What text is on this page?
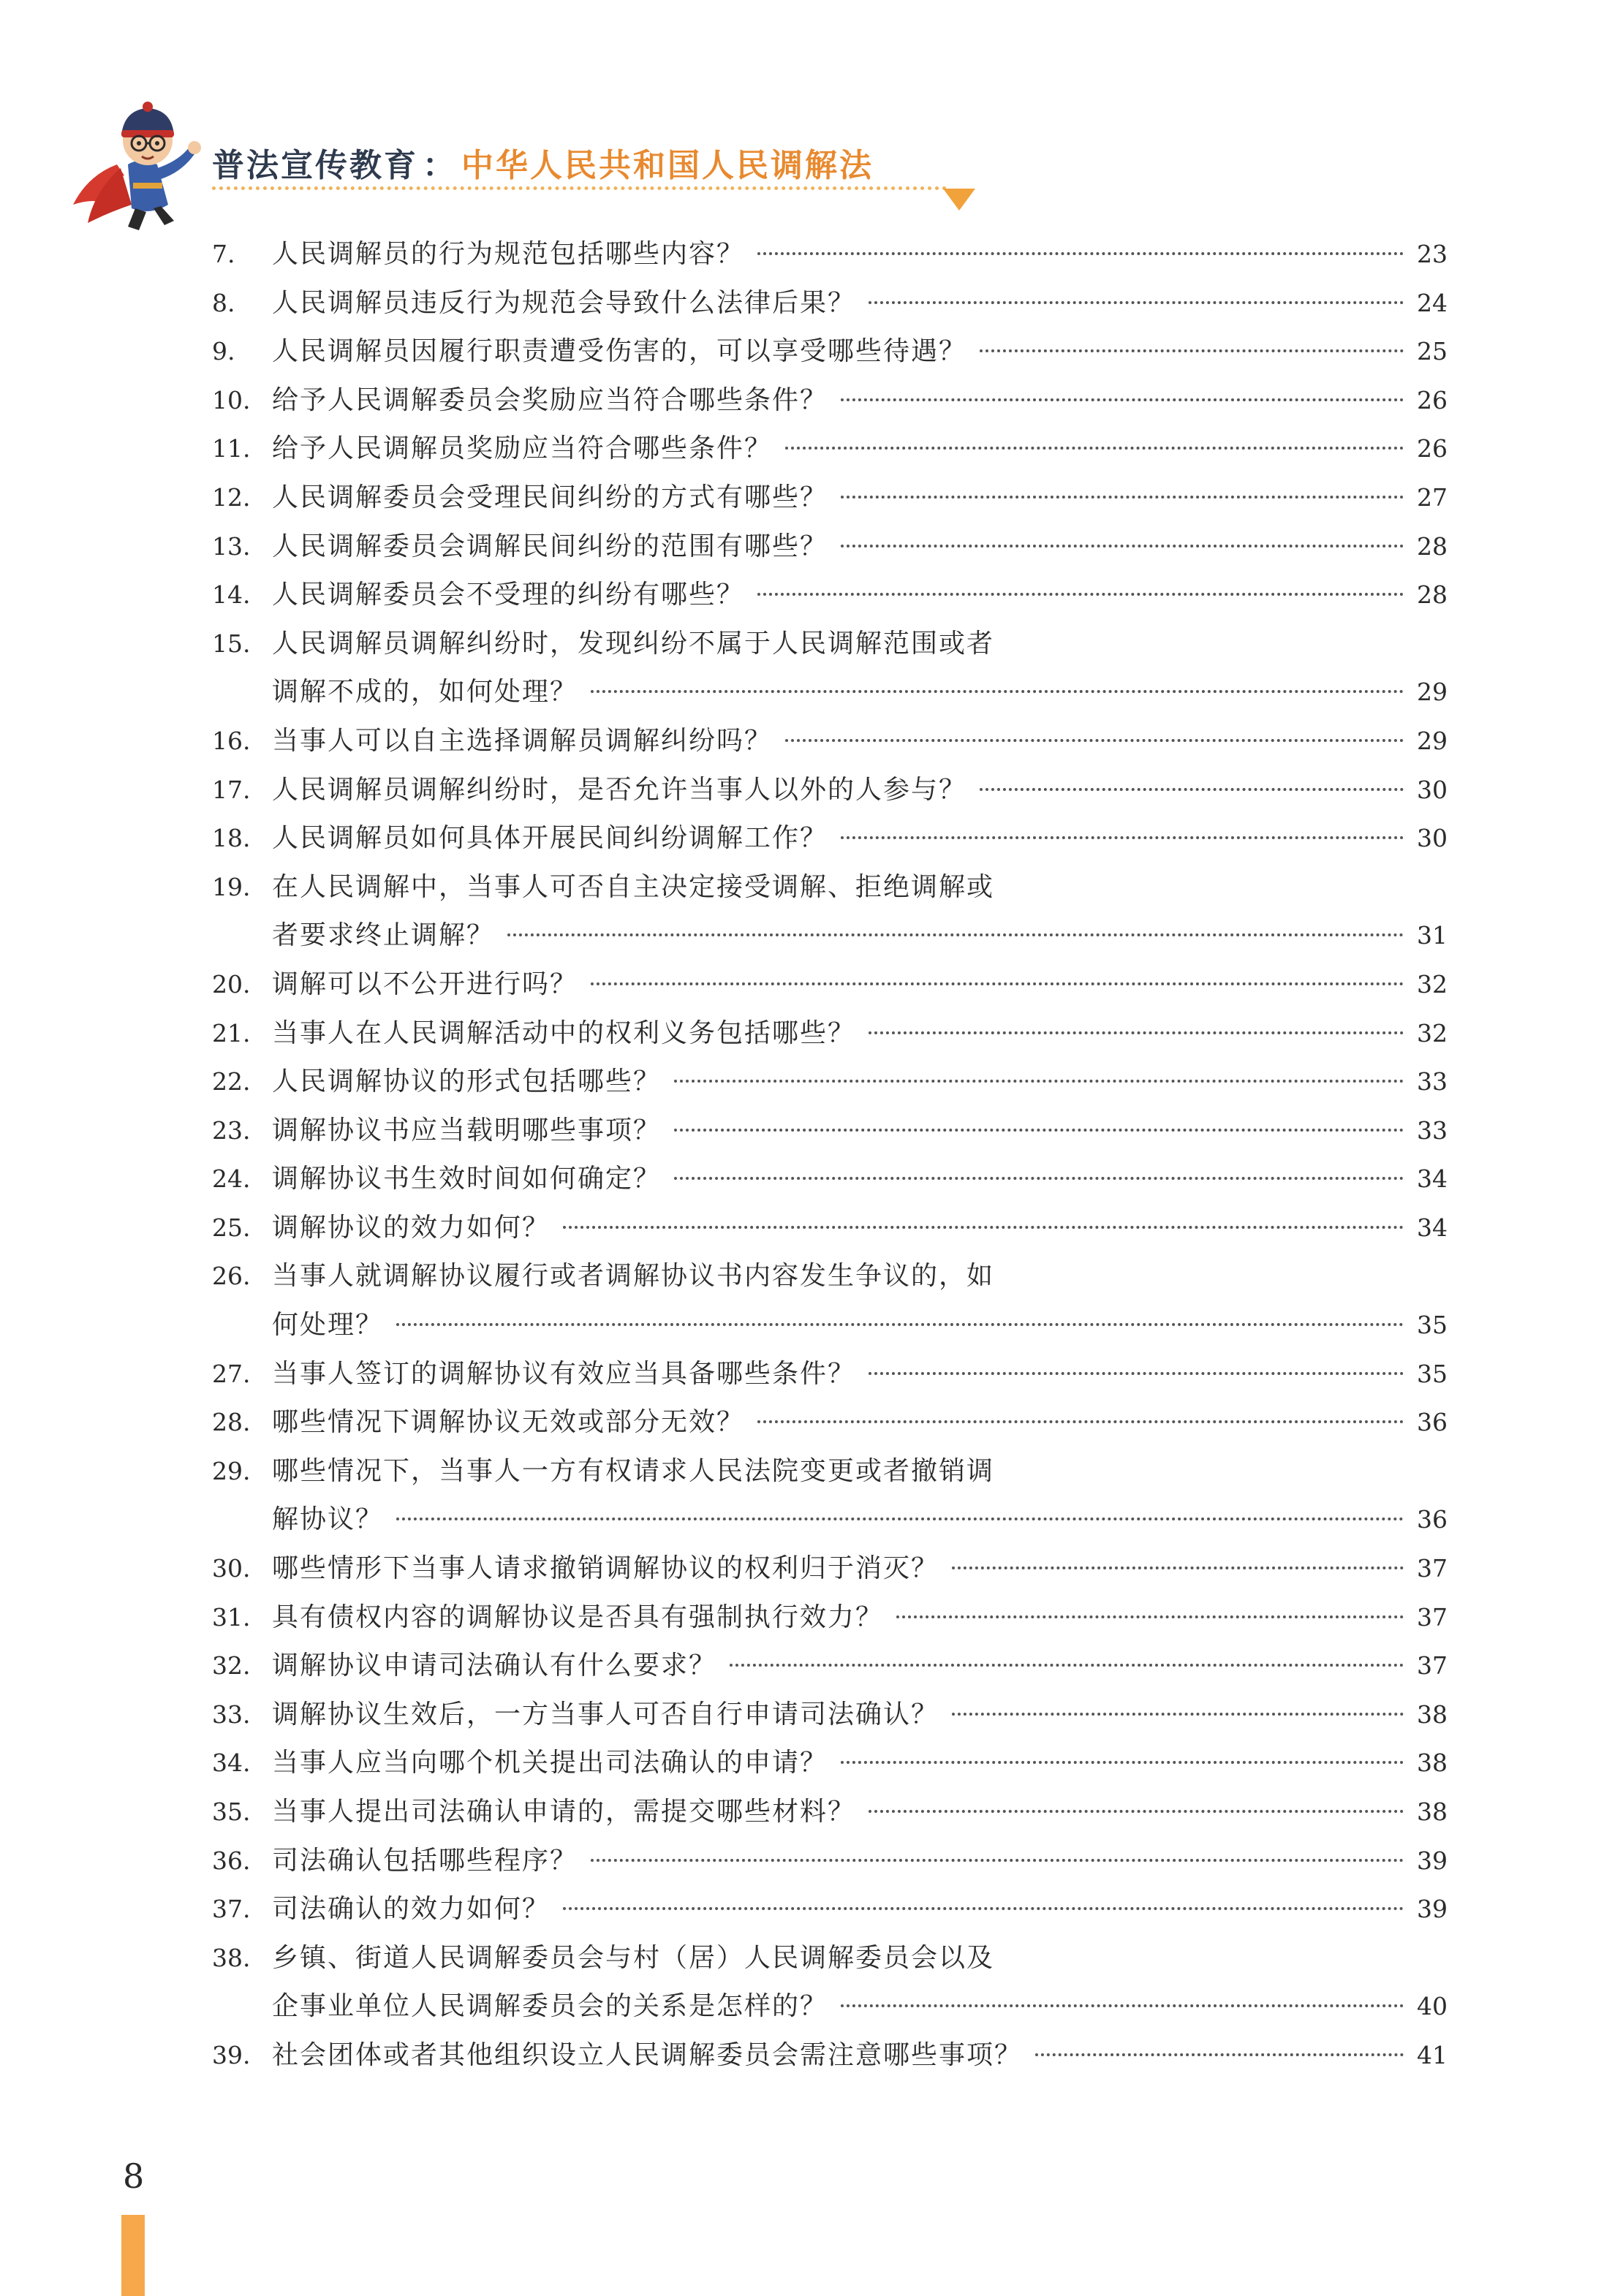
普法宣传教育 ： 中华人民共和国人民调解法
7.	人民调解员的行为规范包括哪些内容？	23
8.	人民调解员违反行为规范会导致什么法律后果？	24
9.	人民调解员因履行职责遭受伤害的，可以享受哪些待遇？	25
10. 给予人民调解委员会奖励应当符合哪些条件？	26
11. 给予人民调解员奖励应当符合哪些条件？	26
12. 人民调解委员会受理民间纠纷的方式有哪些？	27
13. 人民调解委员会调解民间纠纷的范围有哪些？	28
14. 人民调解委员会不受理的纠纷有哪些？	28
15. 人民调解员调解纠纷时，发现纠纷不属于人民调解范围或者
调解不成的，如何处理？	29
16. 当事人可以自主选择调解员调解纠纷吗？	29
17. 人民调解员调解纠纷时，是否允许当事人以外的人参与？	30
18. 人民调解员如何具体开展民间纠纷调解工作？	30
19. 在人民调解中，当事人可否自主决定接受调解、拒绝调解或
者要求终止调解？	31
20. 调解可以不公开进行吗？	32
21. 当事人在人民调解活动中的权利义务包括哪些？	32
22. 人民调解协议的形式包括哪些？	33
23. 调解协议书应当载明哪些事项？	33
24. 调解协议书生效时间如何确定？	34
25. 调解协议的效力如何？	34
26. 当事人就调解协议履行或者调解协议书内容发生争议的，如
何处理？	35
27. 当事人签订的调解协议有效应当具备哪些条件？	35
28. 哪些情况下调解协议无效或部分无效？	36
29. 哪些情况下，当事人一方有权请求人民法院变更或者撤销调
解协议？	36
30. 哪些情形下当事人请求撤销调解协议的权利归于消灭？	37
31. 具有债权内容的调解协议是否具有强制执行效力？	37
32. 调解协议申请司法确认有什么要求？	37
33. 调解协议生效后，一方当事人可否自行申请司法确认？	38
34. 当事人应当向哪个机关提出司法确认的申请？	38
35. 当事人提出司法确认申请的，需提交哪些材料？	38
36. 司法确认包括哪些程序？	39
37. 司法确认的效力如何？	39
38. 乡镇、街道人民调解委员会与村（居）人民调解委员会以及
企事业单位人民调解委员会的关系是怎样的？	40
39. 社会团体或者其他组织设立人民调解委员会需注意哪些事项？	41
8
